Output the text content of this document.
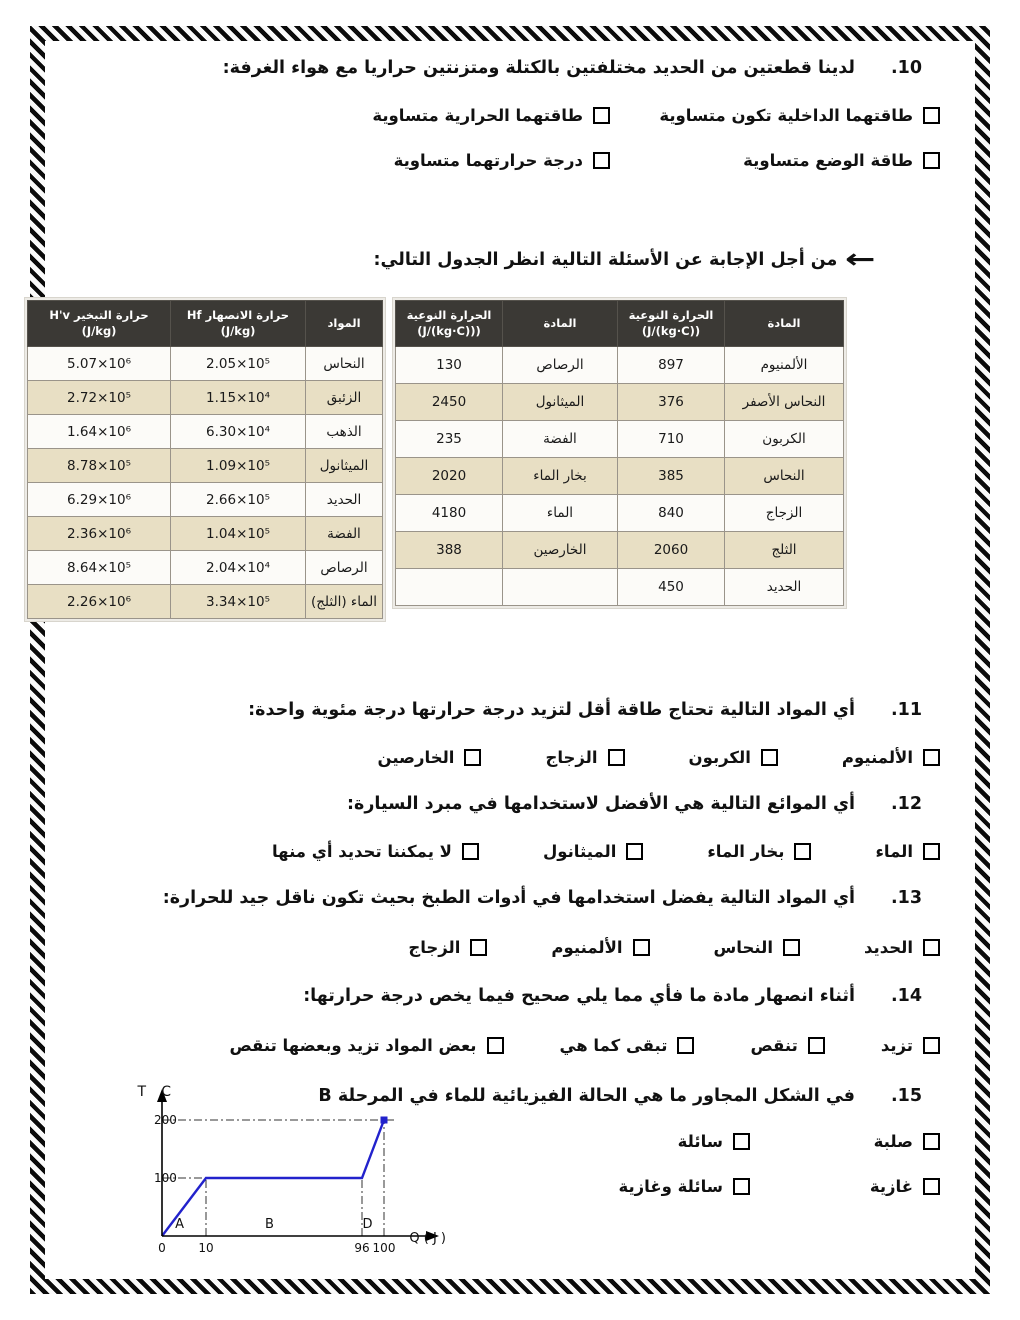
10.
لدينا قطعتين من الحديد مختلفتين بالكتلة ومتزنتين حراريا مع هواء الغرفة:
طاقتهما الداخلية تكون متساوية
طاقتهما الحرارية متساوية
طاقة الوضع متساوية
درجة حرارتهما متساوية
←
من أجل الإجابة عن الأسئلة التالية انظر الجدول التالي:
المادة	الحرارة النوعية (J/(kg·C))	المادة	الحرارة النوعية ((J/(kg·C))
الألمنيوم	897	الرصاص	130
النحاس الأصفر	376	الميثانول	2450
الكربون	710	الفضة	235
النحاس	385	بخار الماء	2020
الزجاج	840	الماء	4180
الثلج	2060	الخارصين	388
الحديد	450		
المواد	حرارة الانصهار Hf (J/kg)	حرارة التبخير H'v (J/kg)
النحاس	2.05×10⁵	5.07×10⁶
الزئبق	1.15×10⁴	2.72×10⁵
الذهب	6.30×10⁴	1.64×10⁶
الميثانول	1.09×10⁵	8.78×10⁵
الحديد	2.66×10⁵	6.29×10⁶
الفضة	1.04×10⁵	2.36×10⁶
الرصاص	2.04×10⁴	8.64×10⁵
الماء (الثلج)	3.34×10⁵	2.26×10⁶
11.
أي المواد التالية تحتاج طاقة أقل لتزيد درجة حرارتها درجة مئوية واحدة:
الألمنيوم
الكربون
الزجاج
الخارصين
12.
أي الموائع التالية هي الأفضل لاستخدامها في مبرد السيارة:
الماء
بخار الماء
الميثانول
لا يمكننا تحديد أي منها
13.
أي المواد التالية يفضل استخدامها في أدوات الطبخ بحيث تكون ناقل جيد للحرارة:
الحديد
النحاس
الألمنيوم
الزجاج
14.
أثناء انصهار مادة ما فأي مما يلي صحيح فيما يخص درجة حرارتها:
تزيد
تنقص
تبقى كما هي
بعض المواد تزيد وبعضها تنقص
15.
في الشكل المجاور ما هي الحالة الفيزيائية للماء في المرحلة B
صلبة
سائلة
غازية
سائلة وغازية
0	10	96 100
100
200
T C
Q ( J )
A	B	D
